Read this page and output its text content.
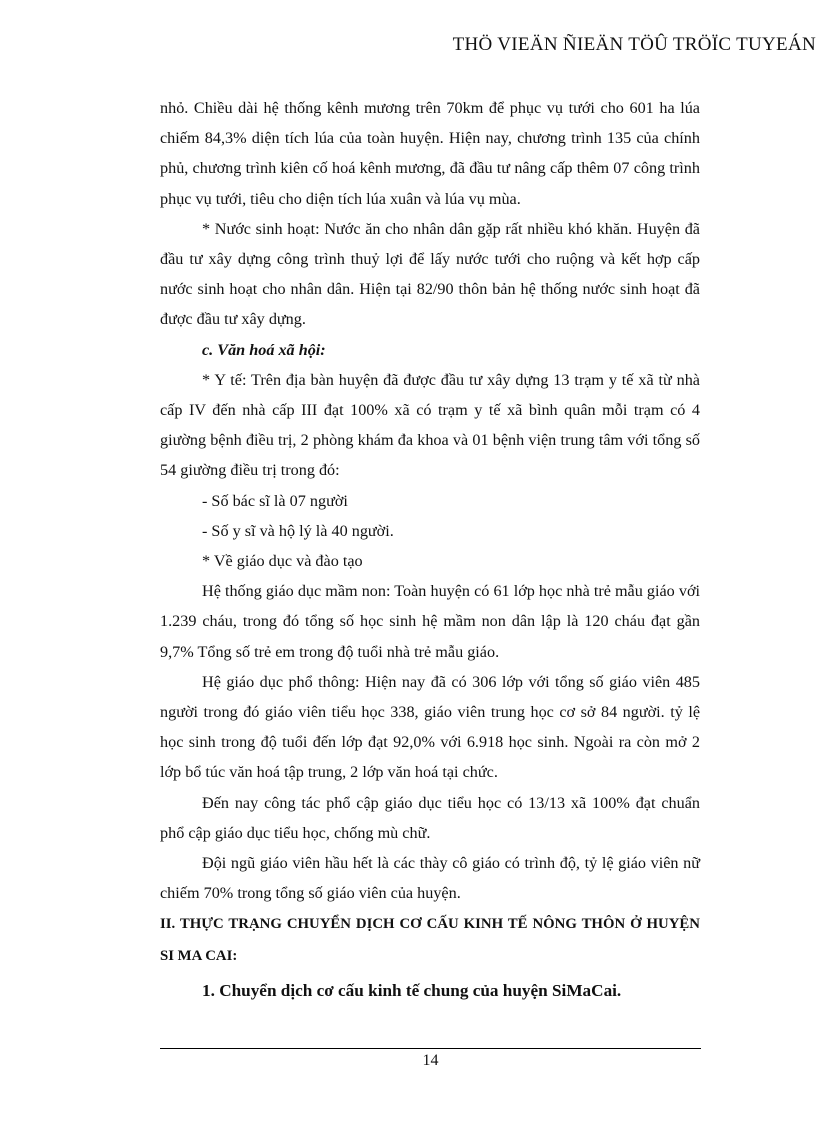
THÖ VIEÄN ÑIEÄN TÖÛ TRÖÏC TUYEÁN

nhỏ. Chiều dài hệ thống kênh mương trên 70km để phục vụ tưới cho 601 ha lúa chiếm 84,3% diện tích lúa của toàn huyện. Hiện nay, chương trình 135 của chính phủ, chương trình kiên cố hoá kênh mương, đã đầu tư nâng cấp thêm 07 công trình phục vụ tưới, tiêu cho diện tích lúa xuân và lúa vụ mùa.

* Nước sinh hoạt: Nước ăn cho nhân dân gặp rất nhiều khó khăn. Huyện đã đầu tư xây dựng công trình thuỷ lợi để lấy nước tưới cho ruộng và kết hợp cấp nước sinh hoạt cho nhân dân. Hiện tại 82/90 thôn bản hệ thống nước sinh hoạt đã được đầu tư xây dựng.

c. Văn hoá xã hội:

* Y tế: Trên địa bàn huyện đã được đầu tư xây dựng 13 trạm y tế xã từ nhà cấp IV đến nhà cấp III đạt 100% xã có trạm y tế xã bình quân mỗi trạm có 4 giường bệnh điều trị, 2 phòng khám đa khoa và 01 bệnh viện trung tâm với tổng số 54 giường điều trị trong đó:

- Số bác sĩ là 07 người

- Số y sĩ và hộ lý là 40 người.

* Về giáo dục và đào tạo

Hệ thống giáo dục mầm non: Toàn huyện có 61 lớp học nhà trẻ mẫu giáo với 1.239 cháu, trong đó tổng số học sinh hệ mầm non dân lập là 120 cháu đạt gần 9,7% Tổng số trẻ em trong độ tuổi nhà trẻ mẫu giáo.

Hệ giáo dục phổ thông: Hiện nay đã có 306 lớp với tổng số giáo viên 485 người trong đó giáo viên tiểu học 338, giáo viên trung học cơ sở 84 người. tỷ lệ học sinh trong độ tuổi đến lớp đạt 92,0% với 6.918 học sinh. Ngoài ra còn mở 2 lớp bổ túc văn hoá tập trung, 2 lớp văn hoá tại chức.

Đến nay công tác phổ cập giáo dục tiểu học có 13/13 xã 100% đạt chuẩn phổ cập giáo dục tiểu học, chống mù chữ.

Đội ngũ giáo viên hầu hết là các thày cô giáo có trình độ, tỷ lệ giáo viên nữ chiếm 70% trong tổng số giáo viên của huyện.

II. THỰC TRẠNG CHUYỂN DỊCH CƠ CẤU KINH TẾ NÔNG THÔN Ở HUYỆN SI MA CAI:

1. Chuyển dịch cơ cấu kinh tế chung của huyện SiMaCai.

14
